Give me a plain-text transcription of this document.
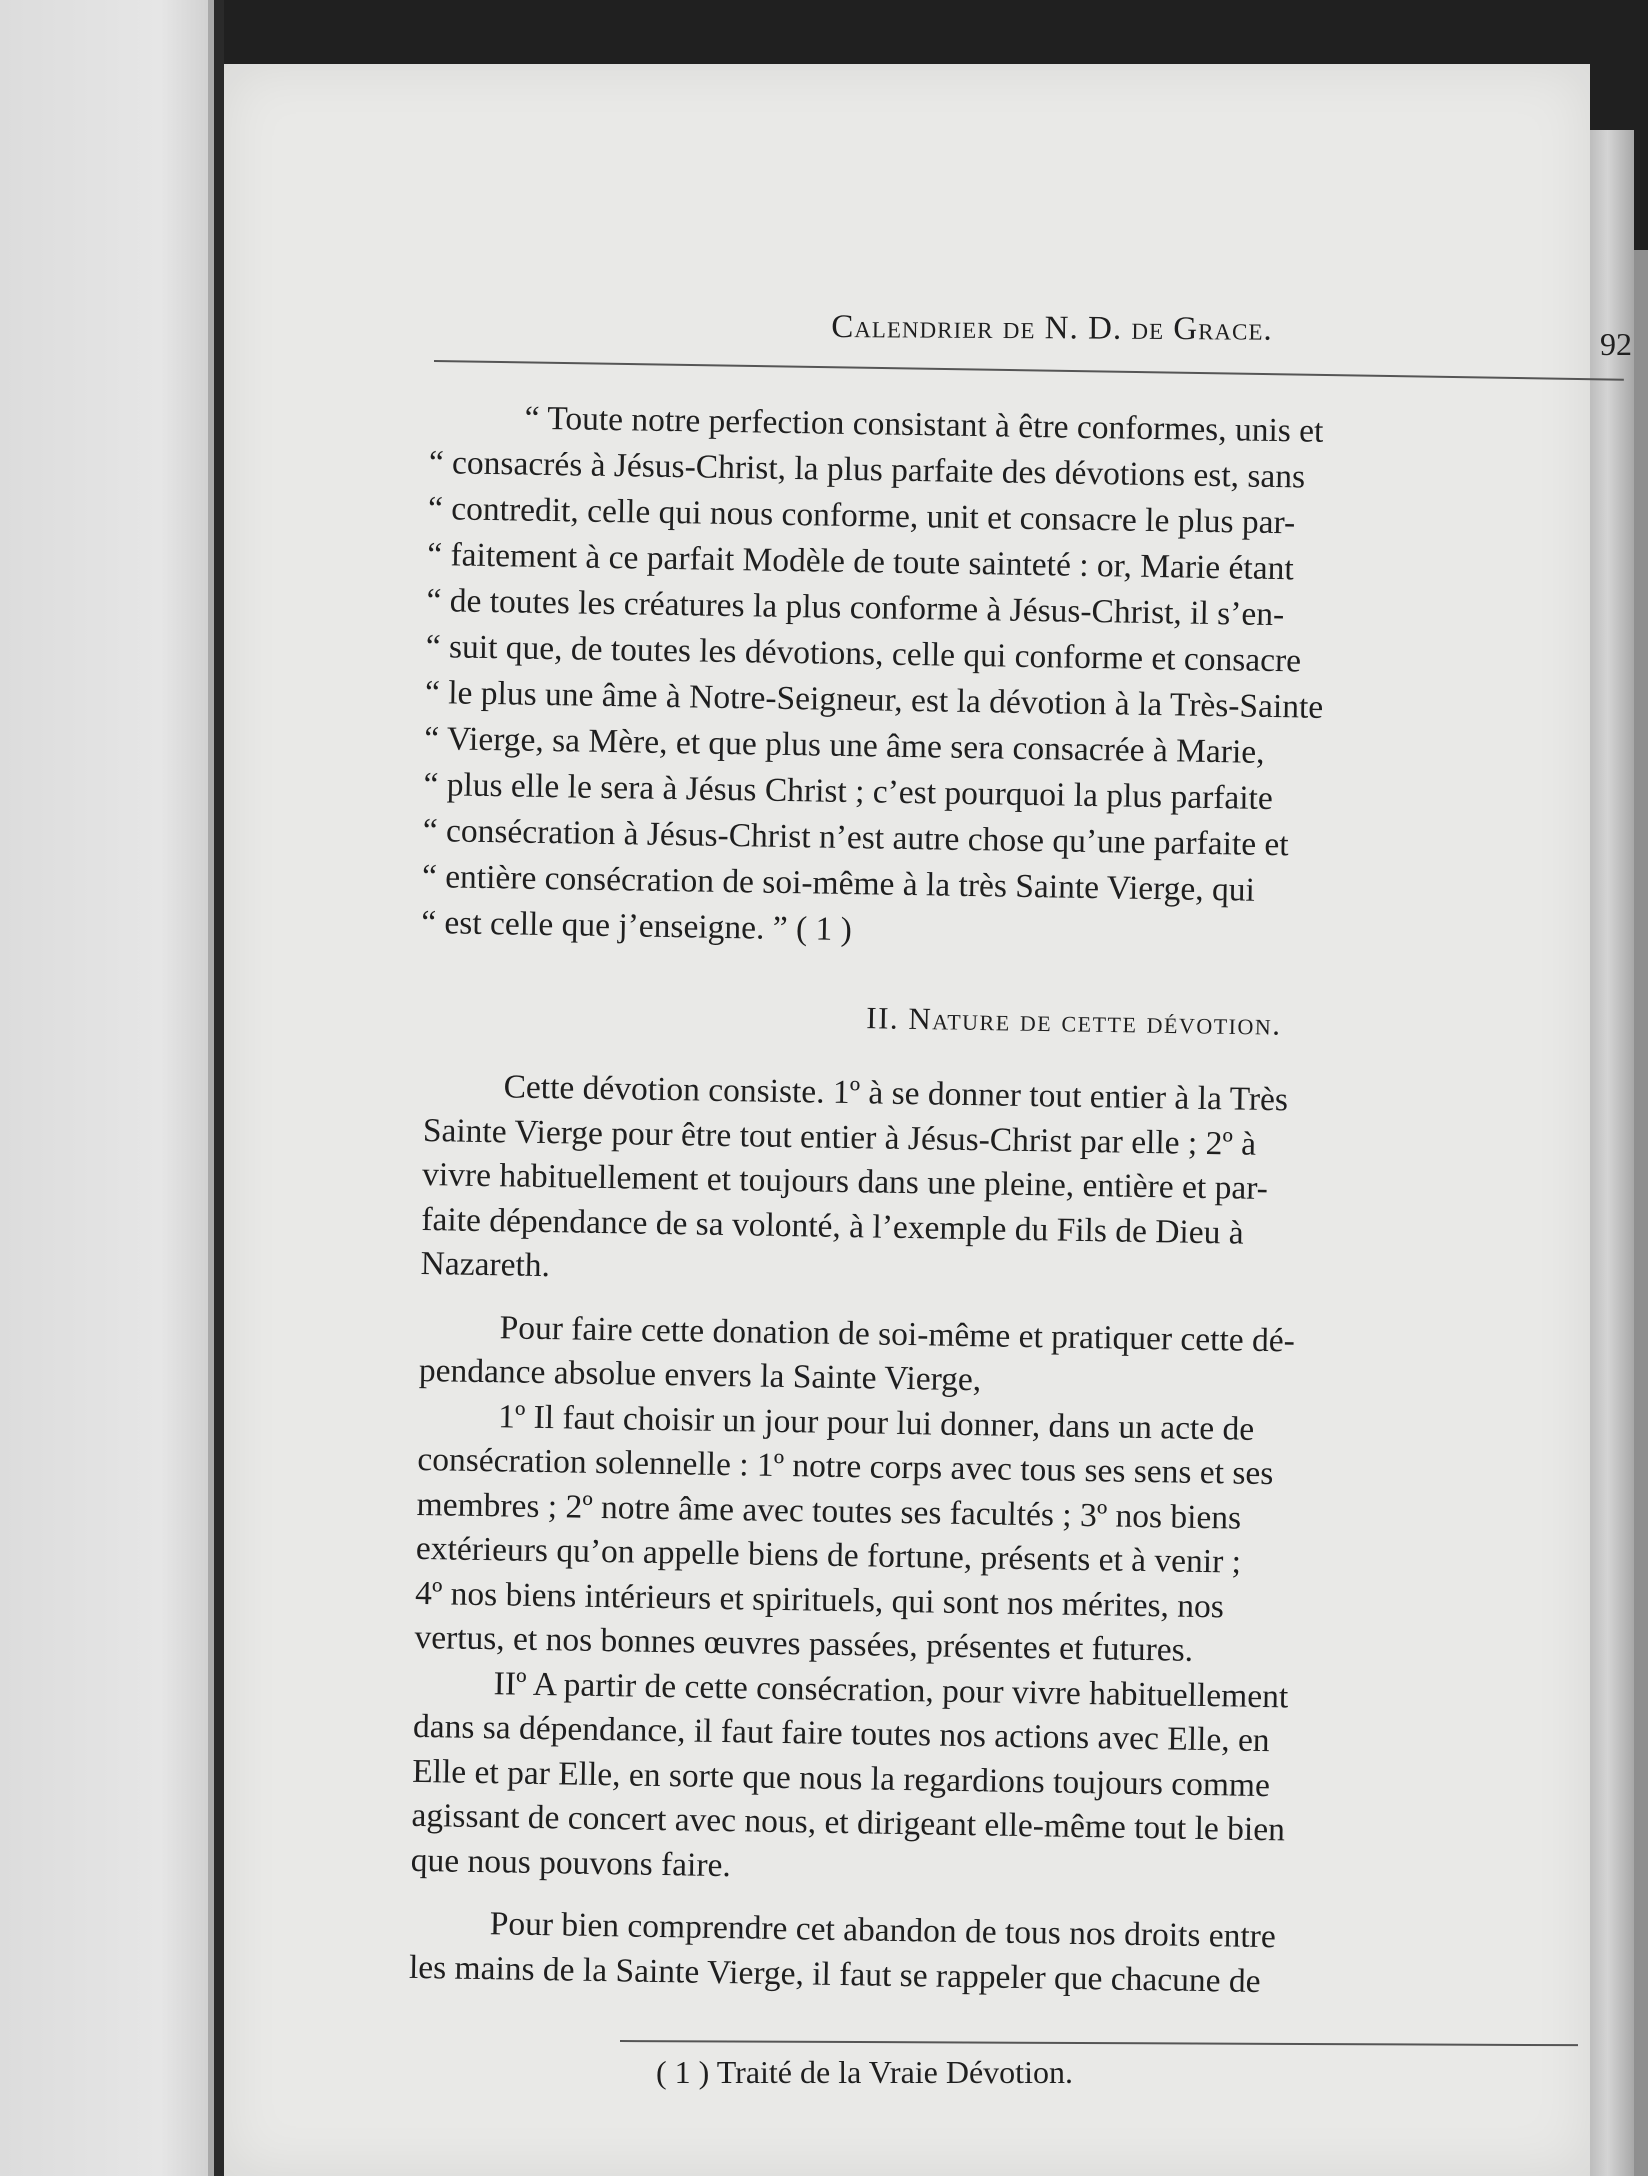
Calendrier de N. D. de Grace.	92

“ Toute notre perfection consistant à être conformes, unis et

“ consacrés à Jésus-Christ, la plus parfaite des dévotions est, sans

“ contredit, celle qui nous conforme, unit et consacre le plus par-

“ faitement à ce parfait Modèle de toute sainteté : or, Marie étant

“ de toutes les créatures la plus conforme à Jésus-Christ, il s’en-

“ suit que, de toutes les dévotions, celle qui conforme et consacre

“ le plus une âme à Notre-Seigneur, est la dévotion à la Très-Sainte

“ Vierge, sa Mère, et que plus une âme sera consacrée à Marie,

“ plus elle le sera à Jésus Christ ; c’est pourquoi la plus parfaite

“ consécration à Jésus-Christ n’est autre chose qu’une parfaite et

“ entière consécration de soi-même à la très Sainte Vierge, qui

“ est celle que j’enseigne. ” ( 1 )

II. Nature de cette dévotion.

Cette dévotion consiste. 1º à se donner tout entier à la Très

Sainte Vierge pour être tout entier à Jésus-Christ par elle ; 2º à

vivre habituellement et toujours dans une pleine, entière et par-

faite dépendance de sa volonté, à l’exemple du Fils de Dieu à

Nazareth.

Pour faire cette donation de soi-même et pratiquer cette dé-

pendance absolue envers la Sainte Vierge,

1º Il faut choisir un jour pour lui donner, dans un acte de

consécration solennelle : 1º notre corps avec tous ses sens et ses

membres ; 2º notre âme avec toutes ses facultés ; 3º nos biens

extérieurs qu’on appelle biens de fortune, présents et à venir ;

4º nos biens intérieurs et spirituels, qui sont nos mérites, nos

vertus, et nos bonnes œuvres passées, présentes et futures.

IIº A partir de cette consécration, pour vivre habituellement

dans sa dépendance, il faut faire toutes nos actions avec Elle, en

Elle et par Elle, en sorte que nous la regardions toujours comme

agissant de concert avec nous, et dirigeant elle-même tout le bien

que nous pouvons faire.

Pour bien comprendre cet abandon de tous nos droits entre

les mains de la Sainte Vierge, il faut se rappeler que chacune de

( 1 ) Traité de la Vraie Dévotion.
